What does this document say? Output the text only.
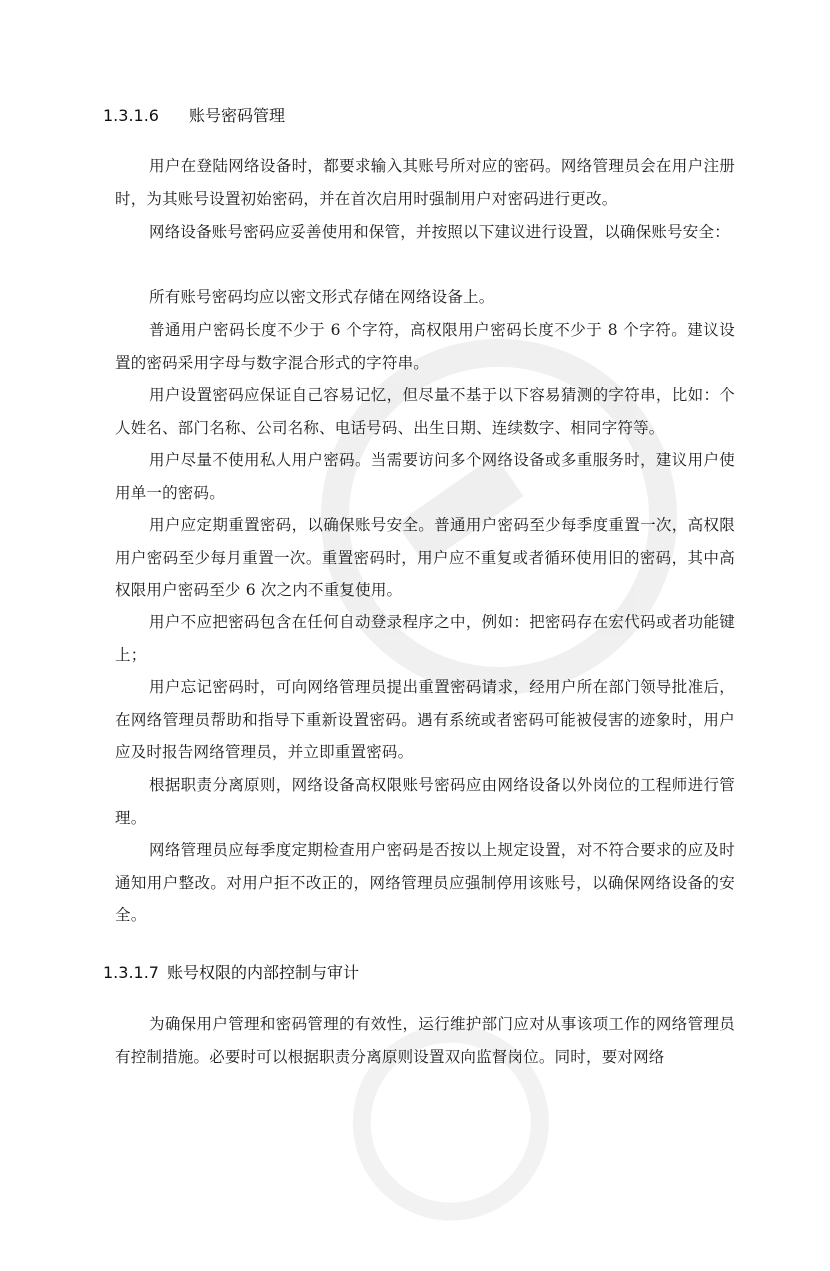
1.3.1.6 账号密码管理

用户在登陆网络设备时，都要求输入其账号所对应的密码。网络管理员会在用户注册时，为其账号设置初始密码，并在首次启用时强制用户对密码进行更改。

网络设备账号密码应妥善使用和保管，并按照以下建议进行设置，以确保账号安全：

所有账号密码均应以密文形式存储在网络设备上。

普通用户密码长度不少于 6 个字符，高权限用户密码长度不少于 8 个字符。建议设置的密码采用字母与数字混合形式的字符串。

用户设置密码应保证自己容易记忆，但尽量不基于以下容易猜测的字符串，比如：个人姓名、部门名称、公司名称、电话号码、出生日期、连续数字、相同字符等。

用户尽量不使用私人用户密码。当需要访问多个网络设备或多重服务时，建议用户使用单一的密码。

用户应定期重置密码，以确保账号安全。普通用户密码至少每季度重置一次，高权限用户密码至少每月重置一次。重置密码时，用户应不重复或者循环使用旧的密码，其中高权限用户密码至少 6 次之内不重复使用。

用户不应把密码包含在任何自动登录程序之中，例如：把密码存在宏代码或者功能键上；

用户忘记密码时，可向网络管理员提出重置密码请求，经用户所在部门领导批准后，在网络管理员帮助和指导下重新设置密码。遇有系统或者密码可能被侵害的迹象时，用户应及时报告网络管理员，并立即重置密码。

根据职责分离原则，网络设备高权限账号密码应由网络设备以外岗位的工程师进行管理。

网络管理员应每季度定期检查用户密码是否按以上规定设置，对不符合要求的应及时通知用户整改。对用户拒不改正的，网络管理员应强制停用该账号，以确保网络设备的安全。

1.3.1.7 账号权限的内部控制与审计

为确保用户管理和密码管理的有效性，运行维护部门应对从事该项工作的网络管理员有控制措施。必要时可以根据职责分离原则设置双向监督岗位。同时，要对网络
